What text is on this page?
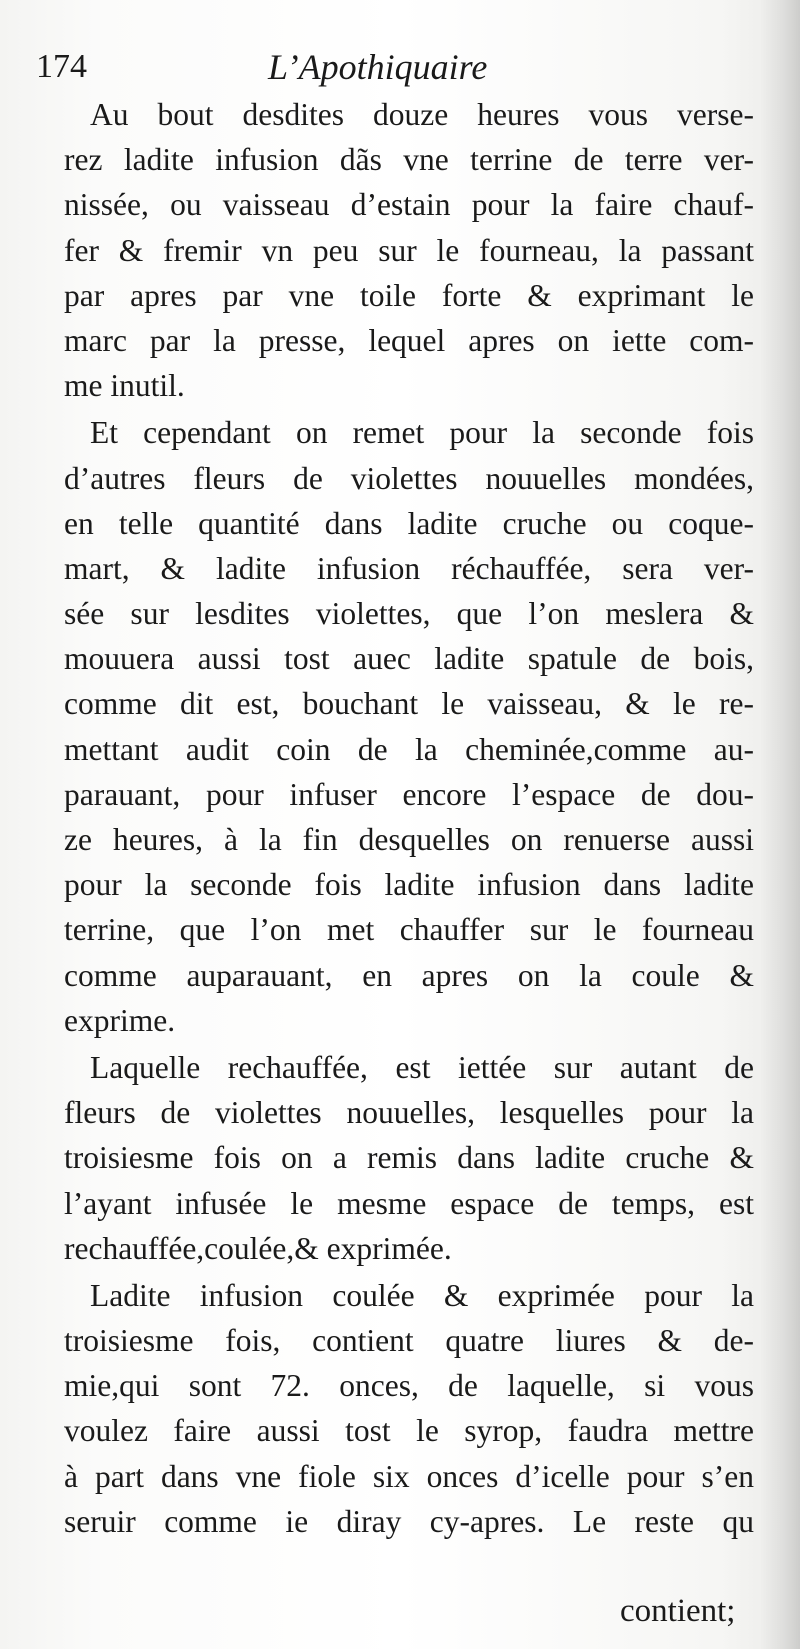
174	L’Apothiquaire
Au bout desdites douze heures vous verse-
rez ladite infusion dãs vne terrine de terre ver-
nissée, ou vaisseau d’estain pour la faire chauf-
fer & fremir vn peu sur le fourneau, la passant
par apres par vne toile forte & exprimant le
marc par la presse, lequel apres on iette com-
me inutil.
Et cependant on remet pour la seconde fois
d’autres fleurs de violettes nouuelles mondées,
en telle quantité dans ladite cruche ou coque-
mart, & ladite infusion réchauffée, sera ver-
sée sur lesdites violettes, que l’on meslera &
mouuera aussi tost auec ladite spatule de bois,
comme dit est, bouchant le vaisseau, & le re-
mettant audit coin de la cheminée,comme au-
parauant, pour infuser encore l’espace de dou-
ze heures, à la fin desquelles on renuerse aussi
pour la seconde fois ladite infusion dans ladite
terrine, que l’on met chauffer sur le fourneau
comme auparauant, en apres on la coule &
exprime.
Laquelle rechauffée, est iettée sur autant de
fleurs de violettes nouuelles, lesquelles pour la
troisiesme fois on a remis dans ladite cruche &
l’ayant infusée le mesme espace de temps, est
rechauffée,coulée,& exprimée.
Ladite infusion coulée & exprimée pour la
troisiesme fois, contient quatre liures & de-
mie,qui sont 72. onces, de laquelle, si vous
voulez faire aussi tost le syrop, faudra mettre
à part dans vne fiole six onces d’icelle pour s’en
seruir comme ie diray cy-apres. Le reste qu
contient;
